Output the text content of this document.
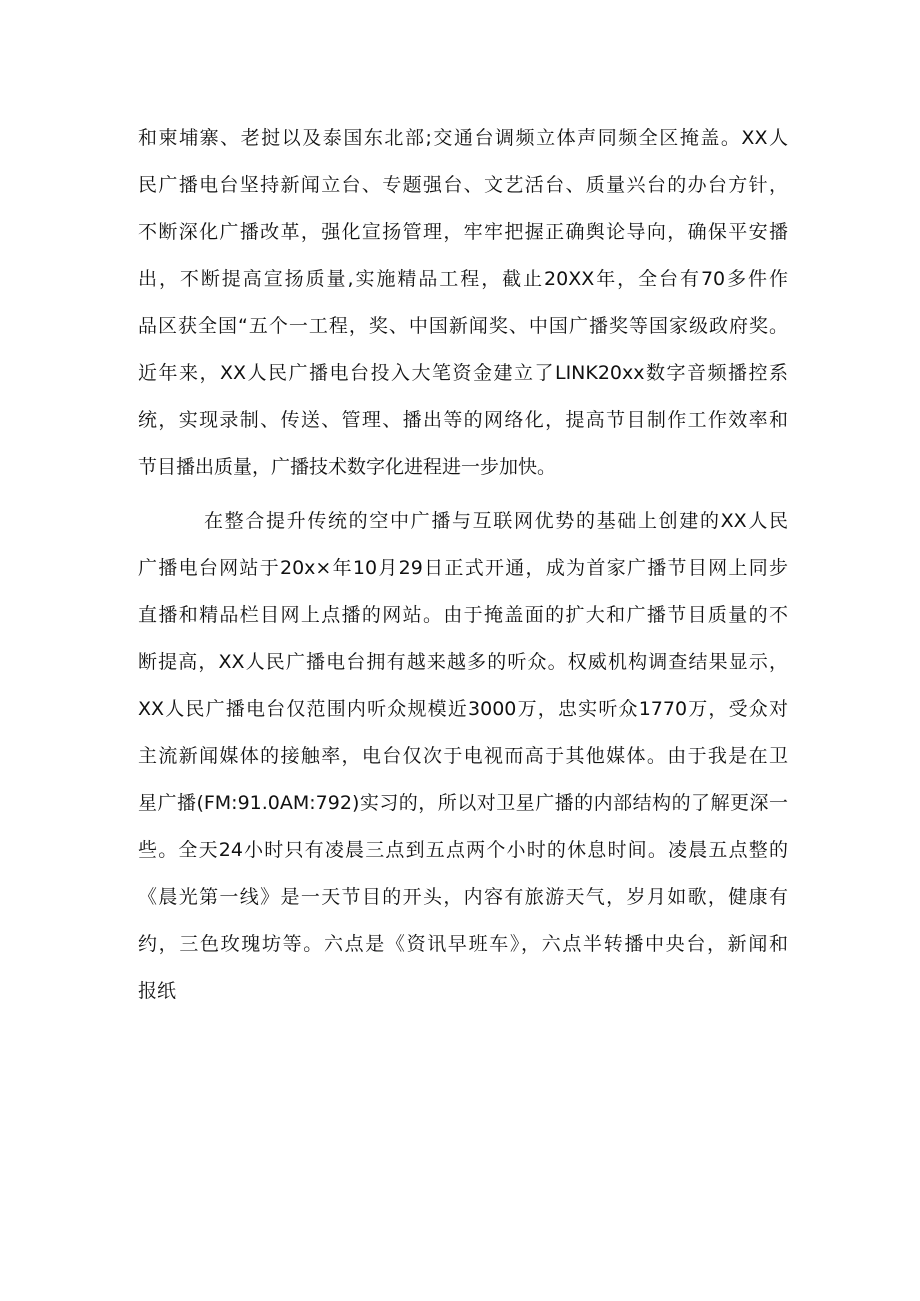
和柬埔寨、老挝以及泰国东北部;交通台调频立体声同频全区掩盖。XX人
民广播电台坚持新闻立台、专题强台、文艺活台、质量兴台的办台方针，
不断深化广播改革，强化宣扬管理，牢牢把握正确舆论导向，确保平安播
出，不断提高宣扬质量,实施精品工程，截止20XX年，全台有70多件作
品区获全国“五个一工程，奖、中国新闻奖、中国广播奖等国家级政府奖。
近年来，XX人民广播电台投入大笔资金建立了LINK20xx数字音频播控系
统，实现录制、传送、管理、播出等的网络化，提高节目制作工作效率和
节目播出质量，广播技术数字化进程进一步加快。
在整合提升传统的空中广播与互联网优势的基础上创建的XX人民
广播电台网站于20x×年10月29日正式开通，成为首家广播节目网上同步
直播和精品栏目网上点播的网站。由于掩盖面的扩大和广播节目质量的不
断提高，XX人民广播电台拥有越来越多的听众。权威机构调查结果显示，
XX人民广播电台仅范围内听众规模近3000万，忠实听众1770万，受众对
主流新闻媒体的接触率，电台仅次于电视而高于其他媒体。由于我是在卫
星广播(FM:91.0AM:792)实习的，所以对卫星广播的内部结构的了解更深一
些。全天24小时只有凌晨三点到五点两个小时的休息时间。凌晨五点整的
《晨光第一线》是一天节目的开头，内容有旅游天气，岁月如歌，健康有
约，三色玫瑰坊等。六点是《资讯早班车》，六点半转播中央台，新闻和
报纸
